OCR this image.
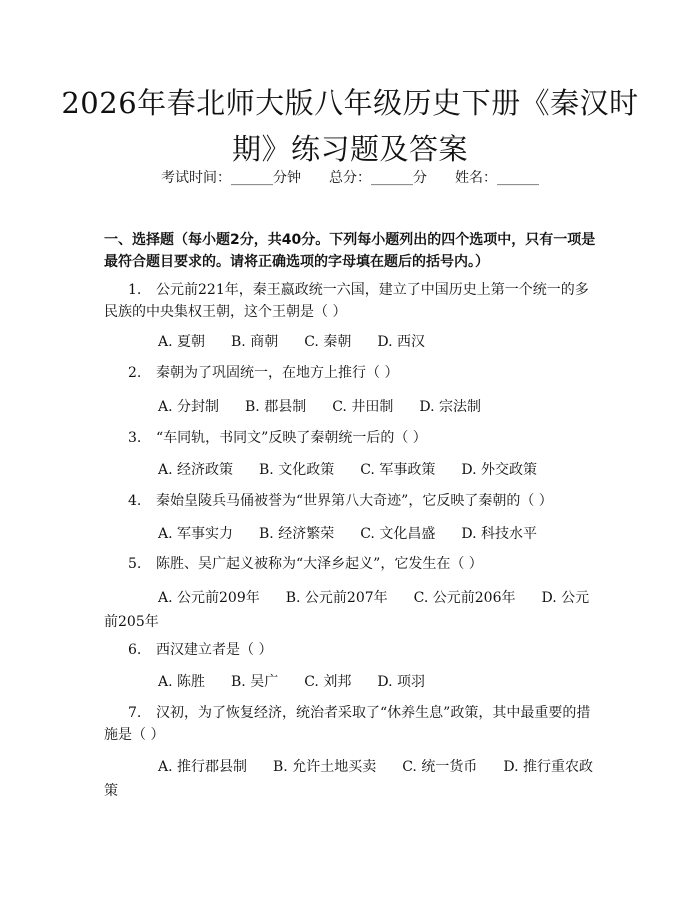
2026年春北师大版八年级历史下册《秦汉时期》练习题及答案
考试时间：______分钟 总分：______分 姓名：______
一、选择题（每小题2分，共40分。下列每小题列出的四个选项中，只有一项是最符合题目要求的。请将正确选项的字母填在题后的括号内。）
1. 公元前221年，秦王嬴政统一六国，建立了中国历史上第一个统一的多民族的中央集权王朝，这个王朝是（ ）
A. 夏朝 B. 商朝 C. 秦朝 D. 西汉
2. 秦朝为了巩固统一，在地方上推行（ ）
A. 分封制 B. 郡县制 C. 井田制 D. 宗法制
3. “车同轨，书同文”反映了秦朝统一后的（ ）
A. 经济政策 B. 文化政策 C. 军事政策 D. 外交政策
4. 秦始皇陵兵马俑被誉为“世界第八大奇迹”，它反映了秦朝的（ ）
A. 军事实力 B. 经济繁荣 C. 文化昌盛 D. 科技水平
5. 陈胜、吴广起义被称为“大泽乡起义”，它发生在（ ）
A. 公元前209年 B. 公元前207年 C. 公元前206年 D. 公元前205年
6. 西汉建立者是（ ）
A. 陈胜 B. 吴广 C. 刘邦 D. 项羽
7. 汉初，为了恢复经济，统治者采取了“休养生息”政策，其中最重要的措施是（ ）
A. 推行郡县制 B. 允许土地买卖 C. 统一货币 D. 推行重农政策
